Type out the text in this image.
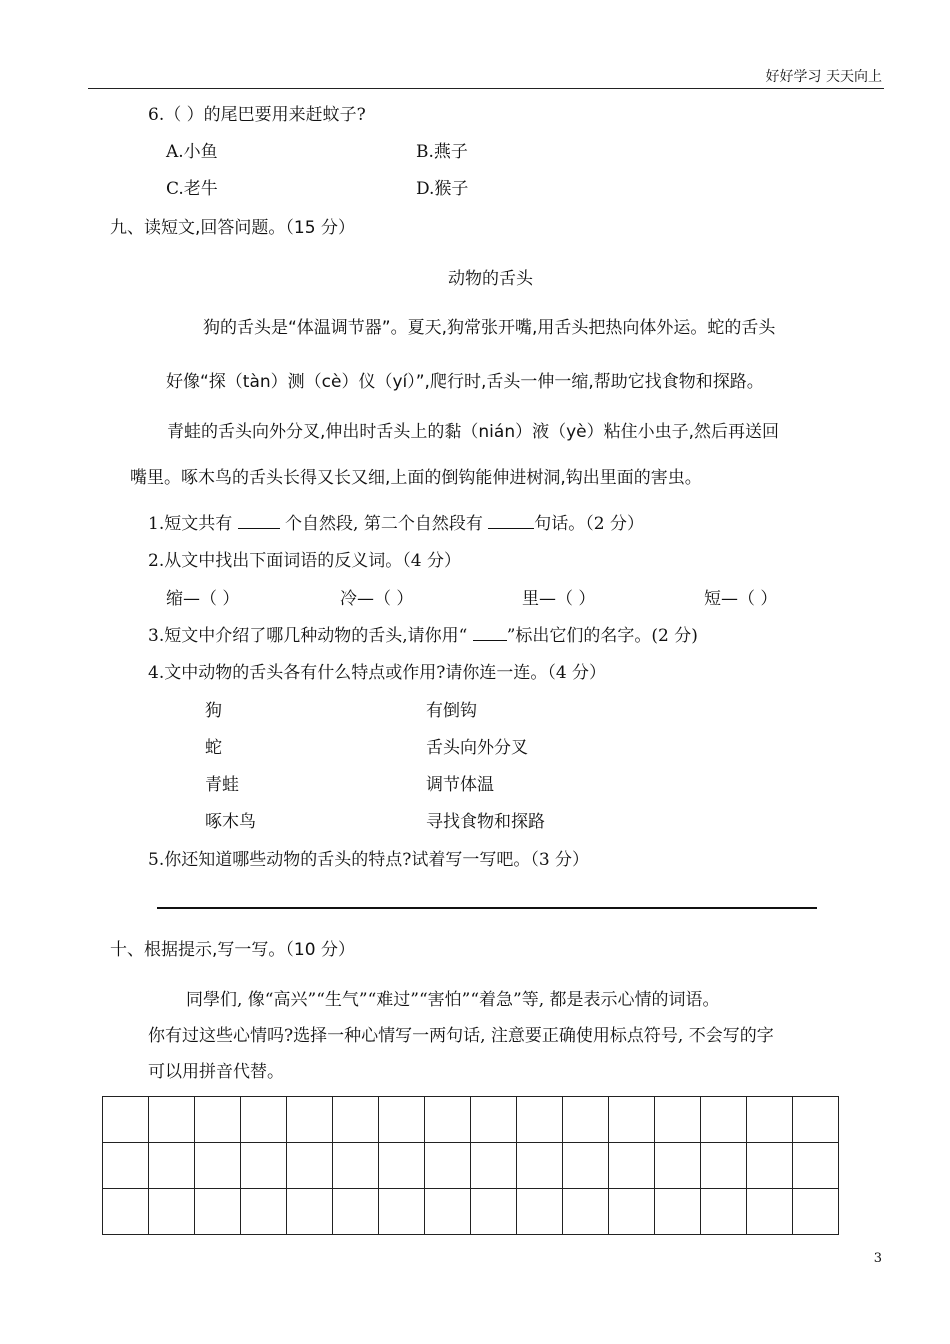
好好学习 天天向上
6.（ ）的尾巴要用来赶蚊子?
A.小鱼	B.燕子
C.老牛	D.猴子
九、读短文,回答问题。（15 分）
动物的舌头
狗的舌头是“体温调节器”。夏天,狗常张开嘴,用舌头把热向体外运。蛇的舌头
好像“探（tàn）测（cè）仪（yí）”,爬行时,舌头一伸一缩,帮助它找食物和探路。
青蛙的舌头向外分叉,伸出时舌头上的黏（nián）液（yè）粘住小虫子,然后再送回
嘴里。啄木鸟的舌头长得又长又细,上面的倒钩能伸进树洞,钩出里面的害虫。
1.短文共有  个自然段, 第二个自然段有	句话。（2 分）
2.从文中找出下面词语的反义词。（4 分）
缩—（ ）	冷—（ ）	里—（ ）	短—（ ）
3.短文中介绍了哪几种动物的舌头,请你用“ ”标出它们的名字。(2 分)
4.文中动物的舌头各有什么特点或作用?请你连一连。（4 分）
狗	有倒钩
蛇	舌头向外分叉
青蛙	调节体温
啄木鸟	寻找食物和探路
5.你还知道哪些动物的舌头的特点?试着写一写吧。（3 分）
十、根据提示,写一写。（10 分）
同學们, 像“高兴”“生气”“难过”“害怕”“着急”等, 都是表示心情的词语。
你有过这些心情吗?选择一种心情写一两句话, 注意要正确使用标点符号, 不会写的字
可以用拼音代替。

3
